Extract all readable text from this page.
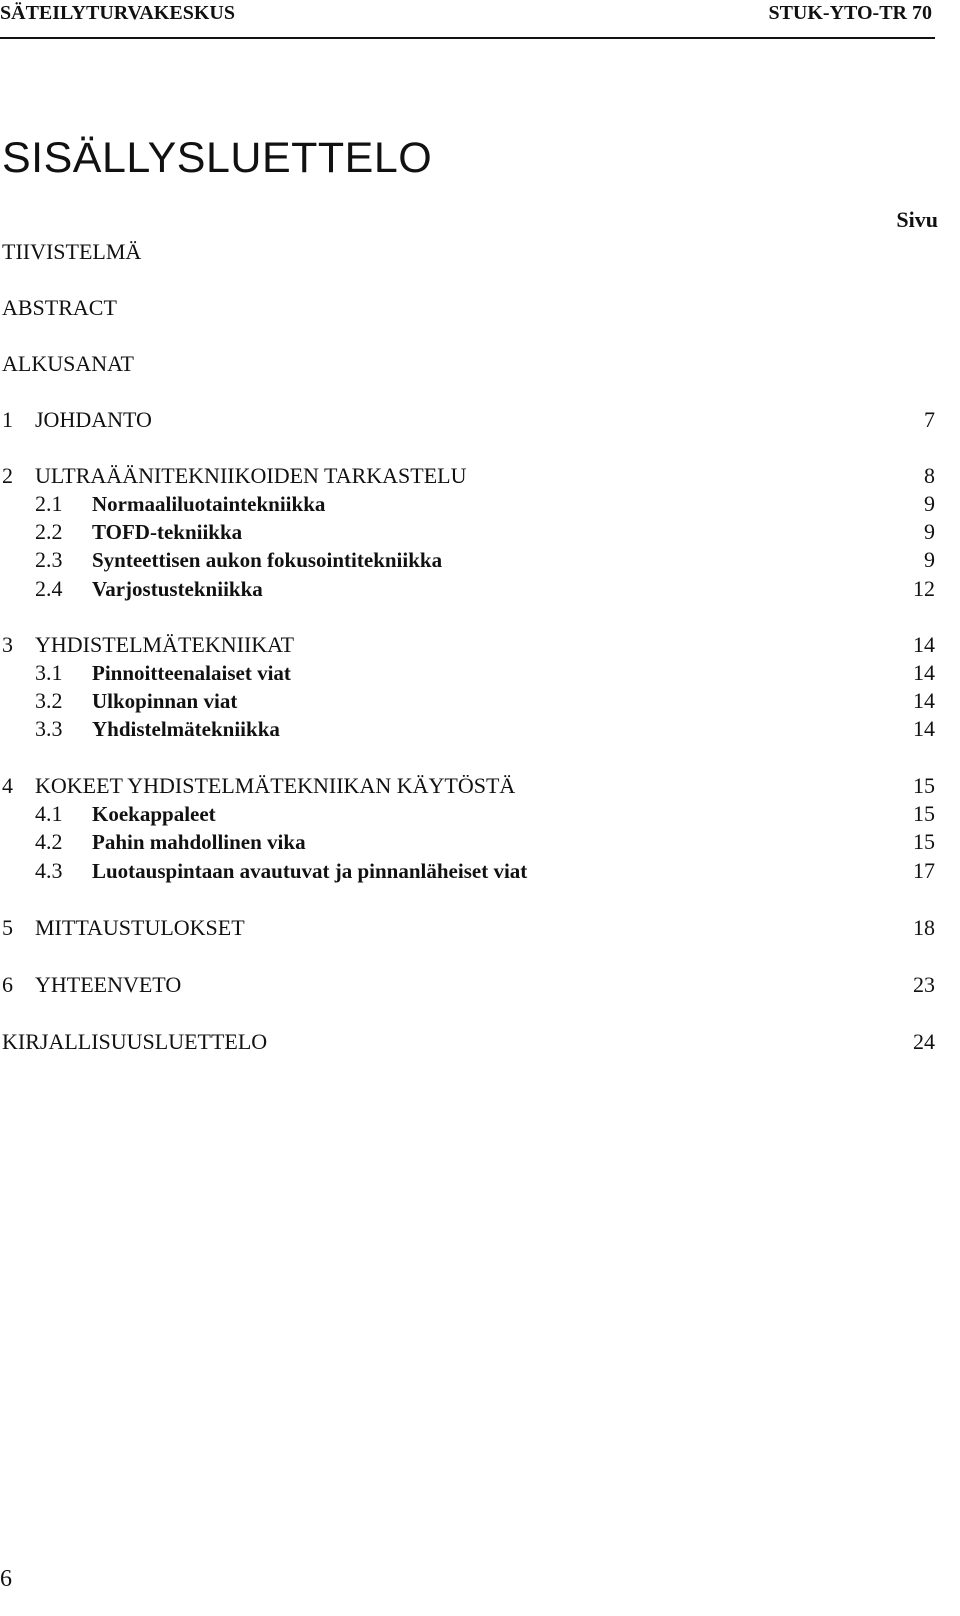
SÄTEILYTURVAKESKUS	STUK-YTO-TR 70
SISÄLLYSLUETTELO
Sivu
TIIVISTELMÄ
ABSTRACT
ALKUSANAT
1 JOHDANTO	7
2 ULTRAÄÄNITEKNIIKOIDEN TARKASTELU	8
2.1 Normaaliluotaintekniikka	9
2.2 TOFD-tekniikka	9
2.3 Synteettisen aukon fokusointitekniikka	9
2.4 Varjostustekniikka	12
3 YHDISTELMÄTEKNIIKAT	14
3.1 Pinnoitteenalaiset viat	14
3.2 Ulkopinnan viat	14
3.3 Yhdistelmätekniikka	14
4 KOKEET YHDISTELMÄTEKNIIKAN KÄYTÖSTÄ	15
4.1 Koekappaleet	15
4.2 Pahin mahdollinen vika	15
4.3 Luotauspintaan avautuvat ja pinnanläheiset viat	17
5 MITTAUSTULOKSET	18
6 YHTEENVETO	23
KIRJALLISUUSLUETTELO	24
6
